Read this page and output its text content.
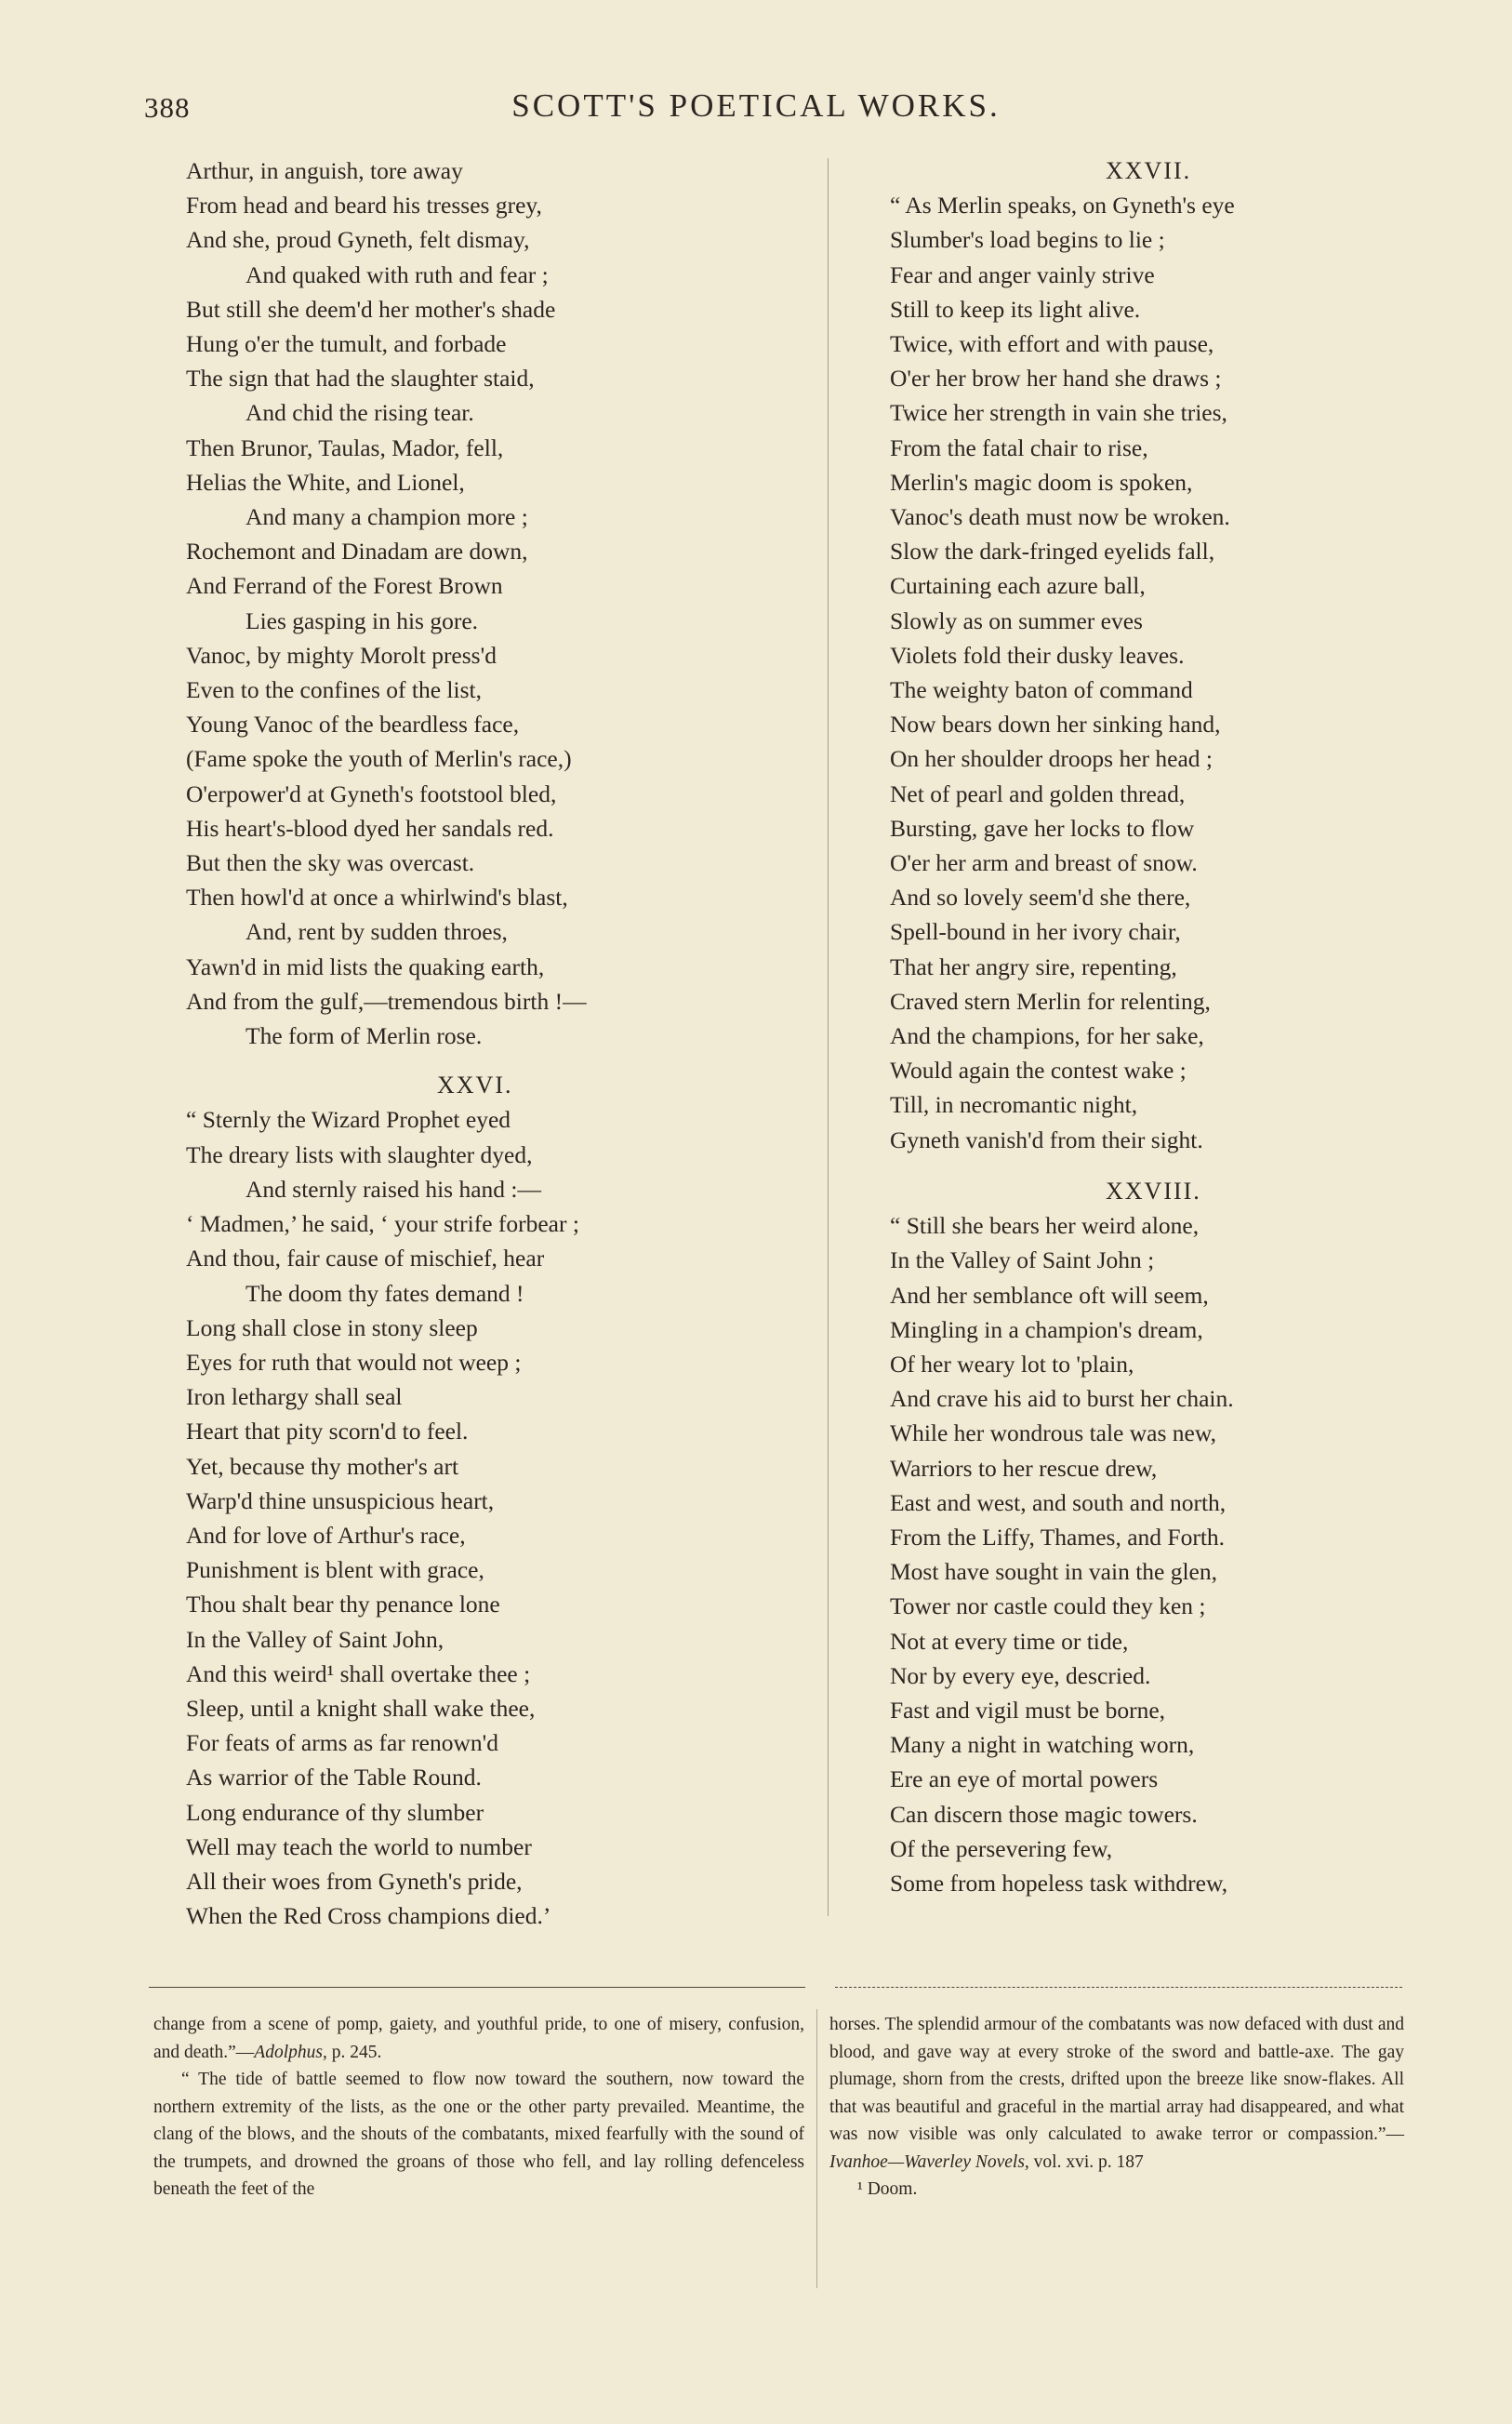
388	SCOTT'S POETICAL WORKS.
Arthur, in anguish, tore away
From head and beard his tresses grey,
And she, proud Gyneth, felt dismay,
And quaked with ruth and fear ;
But still she deem'd her mother's shade
Hung o'er the tumult, and forbade
The sign that had the slaughter staid,
And chid the rising tear.
Then Brunor, Taulas, Mador, fell,
Helias the White, and Lionel,
And many a champion more ;
Rochemont and Dinadam are down,
And Ferrand of the Forest Brown
Lies gasping in his gore.
Vanoc, by mighty Morolt press'd
Even to the confines of the list,
Young Vanoc of the beardless face,
(Fame spoke the youth of Merlin's race,)
O'erpower'd at Gyneth's footstool bled,
His heart's-blood dyed her sandals red.
But then the sky was overcast.
Then howl'd at once a whirlwind's blast,
And, rent by sudden throes,
Yawn'd in mid lists the quaking earth,
And from the gulf,—tremendous birth !—
The form of Merlin rose.
XXVI.
“ Sternly the Wizard Prophet eyed
The dreary lists with slaughter dyed,
And sternly raised his hand :—
‘ Madmen,’ he said, ‘ your strife forbear ;
And thou, fair cause of mischief, hear
The doom thy fates demand !
Long shall close in stony sleep
Eyes for ruth that would not weep ;
Iron lethargy shall seal
Heart that pity scorn'd to feel.
Yet, because thy mother's art
Warp'd thine unsuspicious heart,
And for love of Arthur's race,
Punishment is blent with grace,
Thou shalt bear thy penance lone
In the Valley of Saint John,
And this weird¹ shall overtake thee ;
Sleep, until a knight shall wake thee,
For feats of arms as far renown'd
As warrior of the Table Round.
Long endurance of thy slumber
Well may teach the world to number
All their woes from Gyneth's pride,
When the Red Cross champions died.’
XXVII.
“ As Merlin speaks, on Gyneth's eye
Slumber's load begins to lie ;
Fear and anger vainly strive
Still to keep its light alive.
Twice, with effort and with pause,
O'er her brow her hand she draws ;
Twice her strength in vain she tries,
From the fatal chair to rise,
Merlin's magic doom is spoken,
Vanoc's death must now be wroken.
Slow the dark-fringed eyelids fall,
Curtaining each azure ball,
Slowly as on summer eves
Violets fold their dusky leaves.
The weighty baton of command
Now bears down her sinking hand,
On her shoulder droops her head ;
Net of pearl and golden thread,
Bursting, gave her locks to flow
O'er her arm and breast of snow.
And so lovely seem'd she there,
Spell-bound in her ivory chair,
That her angry sire, repenting,
Craved stern Merlin for relenting,
And the champions, for her sake,
Would again the contest wake ;
Till, in necromantic night,
Gyneth vanish'd from their sight.
XXVIII.
“ Still she bears her weird alone,
In the Valley of Saint John ;
And her semblance oft will seem,
Mingling in a champion's dream,
Of her weary lot to 'plain,
And crave his aid to burst her chain.
While her wondrous tale was new,
Warriors to her rescue drew,
East and west, and south and north,
From the Liffy, Thames, and Forth.
Most have sought in vain the glen,
Tower nor castle could they ken ;
Not at every time or tide,
Nor by every eye, descried.
Fast and vigil must be borne,
Many a night in watching worn,
Ere an eye of mortal powers
Can discern those magic towers.
Of the persevering few,
Some from hopeless task withdrew,

change from a scene of pomp, gaiety, and youthful pride, to one of misery, confusion, and death.”—Adolphus, p. 245.

“ The tide of battle seemed to flow now toward the southern, now toward the northern extremity of the lists, as the one or the other party prevailed. Meantime, the clang of the blows, and the shouts of the combatants, mixed fearfully with the sound of the trumpets, and drowned the groans of those who fell, and lay rolling defenceless beneath the feet of the

horses. The splendid armour of the combatants was now defaced with dust and blood, and gave way at every stroke of the sword and battle-axe. The gay plumage, shorn from the crests, drifted upon the breeze like snow-flakes. All that was beautiful and graceful in the martial array had disappeared, and what was now visible was only calculated to awake terror or compassion.”—Ivanhoe—Waverley Novels, vol. xvi. p. 187

¹ Doom.
